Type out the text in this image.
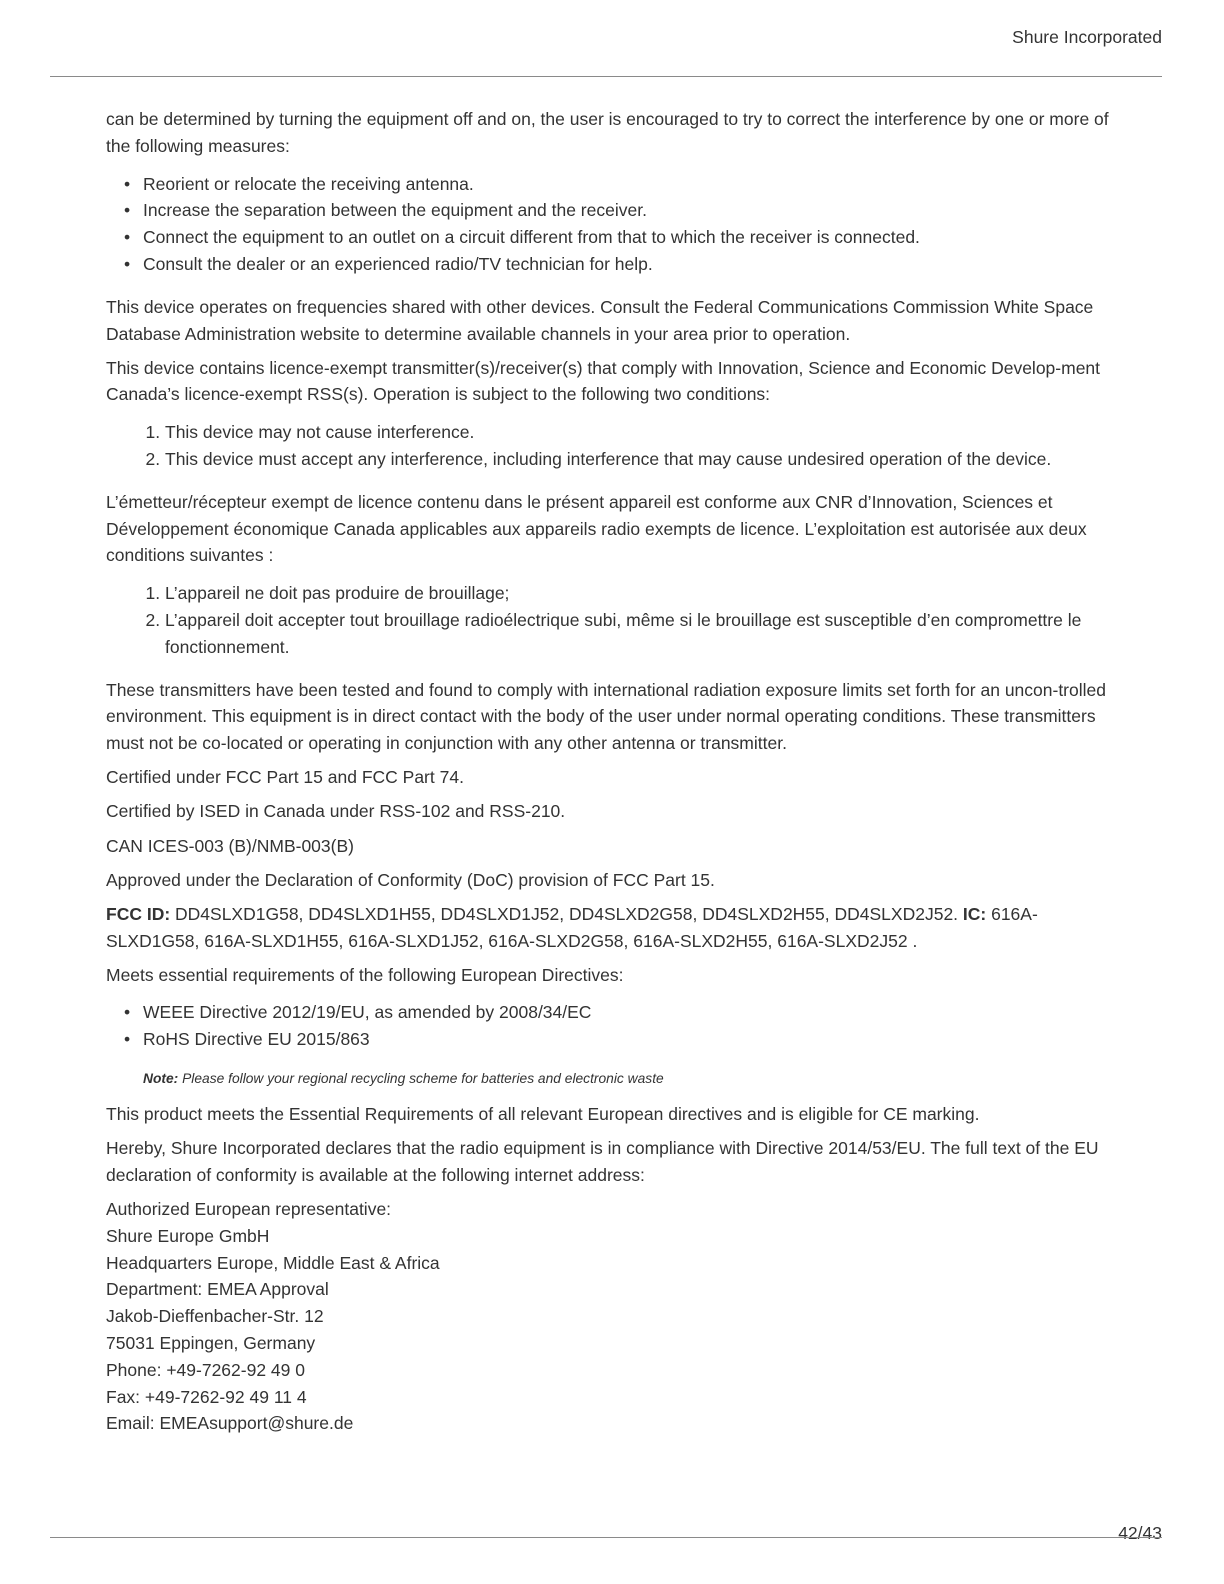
Shure Incorporated

can be determined by turning the equipment off and on, the user is encouraged to try to correct the interference by one or more of the following measures:

• Reorient or relocate the receiving antenna.
• Increase the separation between the equipment and the receiver.
• Connect the equipment to an outlet on a circuit different from that to which the receiver is connected.
• Consult the dealer or an experienced radio/TV technician for help.

This device operates on frequencies shared with other devices. Consult the Federal Communications Commission White Space Database Administration website to determine available channels in your area prior to operation.

This device contains licence-exempt transmitter(s)/receiver(s) that comply with Innovation, Science and Economic Develop-ment Canada’s licence-exempt RSS(s). Operation is subject to the following two conditions:

1. This device may not cause interference.
2. This device must accept any interference, including interference that may cause undesired operation of the device.

L’émetteur/récepteur exempt de licence contenu dans le présent appareil est conforme aux CNR d’Innovation, Sciences et Développement économique Canada applicables aux appareils radio exempts de licence. L’exploitation est autorisée aux deux conditions suivantes :

1. L’appareil ne doit pas produire de brouillage;
2. L’appareil doit accepter tout brouillage radioélectrique subi, même si le brouillage est susceptible d’en compromettre le fonctionnement.

These transmitters have been tested and found to comply with international radiation exposure limits set forth for an uncon-trolled environment. This equipment is in direct contact with the body of the user under normal operating conditions. These transmitters must not be co-located or operating in conjunction with any other antenna or transmitter.

Certified under FCC Part 15 and FCC Part 74.

Certified by ISED in Canada under RSS-102 and RSS-210.

CAN ICES-003 (B)/NMB-003(B)

Approved under the Declaration of Conformity (DoC) provision of FCC Part 15.

FCC ID: DD4SLXD1G58, DD4SLXD1H55, DD4SLXD1J52, DD4SLXD2G58, DD4SLXD2H55, DD4SLXD2J52. IC: 616A-SLXD1G58, 616A-SLXD1H55, 616A-SLXD1J52, 616A-SLXD2G58, 616A-SLXD2H55, 616A-SLXD2J52 .

Meets essential requirements of the following European Directives:

• WEEE Directive 2012/19/EU, as amended by 2008/34/EC
• RoHS Directive EU 2015/863
Note: Please follow your regional recycling scheme for batteries and electronic waste

This product meets the Essential Requirements of all relevant European directives and is eligible for CE marking.

Hereby, Shure Incorporated declares that the radio equipment is in compliance with Directive 2014/53/EU. The full text of the EU declaration of conformity is available at the following internet address:

Authorized European representative:
Shure Europe GmbH
Headquarters Europe, Middle East & Africa
Department: EMEA Approval
Jakob-Dieffenbacher-Str. 12
75031 Eppingen, Germany
Phone: +49-7262-92 49 0
Fax: +49-7262-92 49 11 4
Email: EMEAsupport@shure.de

42/43
